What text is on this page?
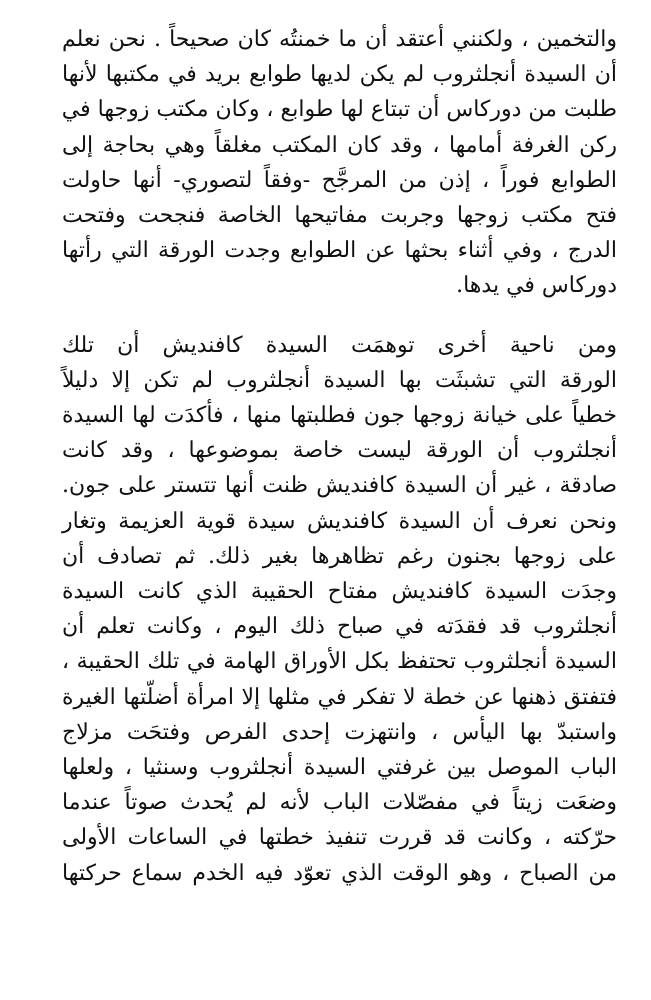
والتخمين ، ولكنني أعتقد أن ما خمنتُه كان صحيحاً . نحن نعلم
أن السيدة أنجلثروب لم يكن لديها طوابع بريد في مكتبها لأنها
طلبت من دوركاس أن تبتاع لها طوابع ، وكان مكتب زوجها في
ركن الغرفة أمامها ، وقد كان المكتب مغلقاً وهي بحاجة إلى
الطوابع فوراً ، إذن من المرجَّح -وفقاً لتصوري- أنها حاولت
فتح مكتب زوجها وجربت مفاتيحها الخاصة فنجحت وفتحت
الدرج ، وفي أثناء بحثها عن الطوابع وجدت الورقة التي رأتها
دوركاس في يدها.

ومن ناحية أخرى توهمَت السيدة كافنديش أن تلك
الورقة التي تشبثَت بها السيدة أنجلثروب لم تكن إلا دليلاً
خطياً على خيانة زوجها جون فطلبتها منها ، فأكدَت لها السيدة
أنجلثروب أن الورقة ليست خاصة بموضوعها ، وقد كانت
صادقة ، غير أن السيدة كافنديش ظنت أنها تتستر على جون.
ونحن نعرف أن السيدة كافنديش سيدة قوية العزيمة وتغار
على زوجها بجنون رغم تظاهرها بغير ذلك. ثم تصادف أن
وجدَت السيدة كافنديش مفتاح الحقيبة الذي كانت السيدة
أنجلثروب قد فقدَته في صباح ذلك اليوم ، وكانت تعلم أن
السيدة أنجلثروب تحتفظ بكل الأوراق الهامة في تلك الحقيبة ،
فتفتق ذهنها عن خطة لا تفكر في مثلها إلا امرأة أضلّتها الغيرة
واستبدّ بها اليأس ، وانتهزت إحدى الفرص وفتحَت مزلاج
الباب الموصل بين غرفتي السيدة أنجلثروب وسنثيا ، ولعلها
وضعَت زيتاً في مفصّلات الباب لأنه لم يُحدث صوتاً عندما
حرّكته ، وكانت قد قررت تنفيذ خطتها في الساعات الأولى
من الصباح ، وهو الوقت الذي تعوّد فيه الخدم سماع حركتها
